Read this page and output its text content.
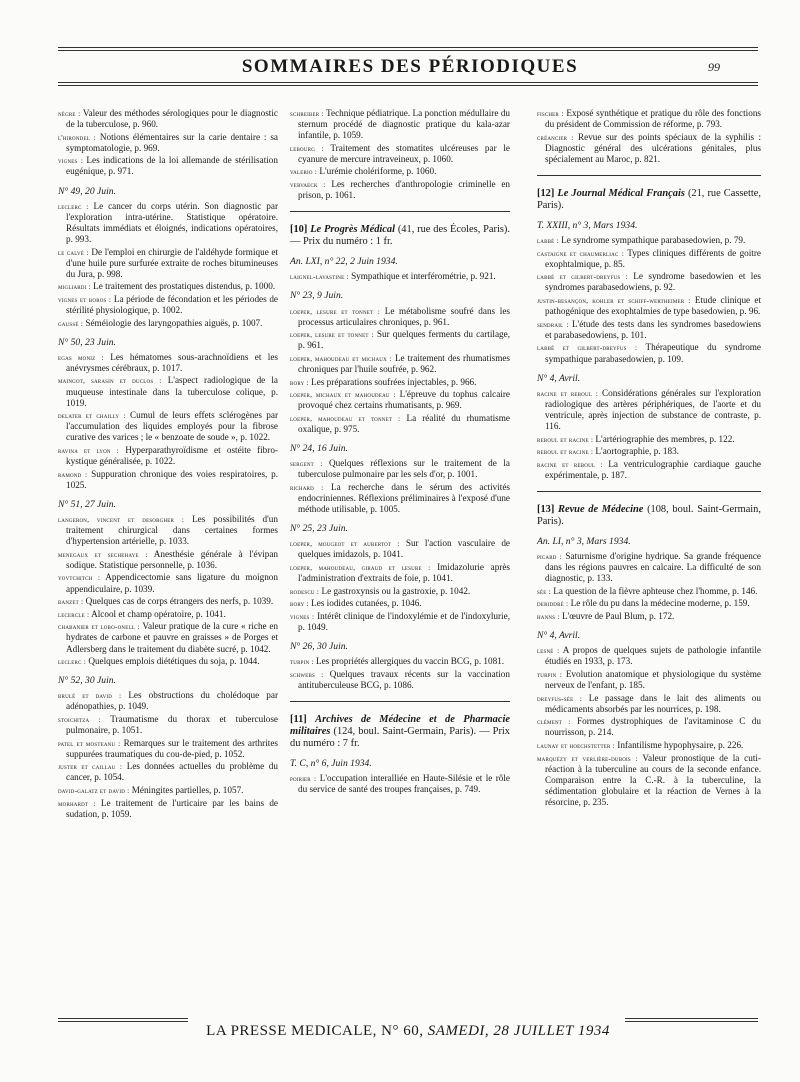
SOMMAIRES DES PÉRIODIQUES	99
nègre : Valeur des méthodes sérologiques pour le diagnostic de la tuberculose, p. 960.
l'hirondel : Notions élémentaires sur la carie dentaire : sa symptomatologie, p. 969.
vignes : Les indications de la loi allemande de stérilisation eugénique, p. 971.
N° 49, 20 Juin.
leclerc : Le cancer du corps utérin. Son diagnostic par l'exploration intra-utérine. Statistique opératoire. Résultats immédiats et éloignés, indications opératoires, p. 993.
le calvé : De l'emploi en chirurgie de l'aldéhyde formique et d'une huile pure surfurée extraite de roches bitumineuses du Jura, p. 998.
migliardi : Le traitement des prostatiques distendus, p. 1000.
vignes et boros : La période de fécondation et les périodes de stérilité physiologique, p. 1002.
gaussé : Séméiologie des laryngopathies aiguës, p. 1007.
N° 50, 23 Juin.
egas moniz : Les hématomes sous-arachnoïdiens et les anévrysmes cérébraux, p. 1017.
maingot, sarasin et duclos : L'aspect radiologique de la muqueuse intestinale dans la tuberculose colique, p. 1019.
delater et chailly : Cumul de leurs effets sclérogènes par l'accumulation des liquides employés pour la fibrose curative des varices ; le « benzoate de soude », p. 1022.
ravina et lyon : Hyperparathyroïdisme et ostéite fibro-kystique généralisée, p. 1022.
ramond : Suppuration chronique des voies respiratoires, p. 1025.
N° 51, 27 Juin.
langeron, vincent et desorgher : Les possibilités d'un traitement chirurgical dans certaines formes d'hypertension artérielle, p. 1033.
menegaux et sechehaye : Anesthésie générale à l'évipan sodique. Statistique personnelle, p. 1036.
yovtchitch : Appendicectomie sans ligature du moignon appendiculaire, p. 1039.
banzet : Quelques cas de corps étrangers des nerfs, p. 1039.
lecercle : Alcool et champ opératoire, p. 1041.
chabanier et lobo-onell : Valeur pratique de la cure « riche en hydrates de carbone et pauvre en graisses » de Porges et Adlersberg dans le traitement du diabète sucré, p. 1042.
leclerc : Quelques emplois diététiques du soja, p. 1044.
N° 52, 30 Juin.
brulé et david : Les obstructions du cholédoque par adénopathies, p. 1049.
stoichitza : Traumatisme du thorax et tuberculose pulmonaire, p. 1051.
patel et mosteanu : Remarques sur le traitement des arthrites suppurées traumatiques du cou-de-pied, p. 1052.
juster et caillau : Les données actuelles du problème du cancer, p. 1054.
david-galatz et david : Méningites partielles, p. 1057.
morhardt : Le traitement de l'urticaire par les bains de sudation, p. 1059.
schreiber : Technique pédiatrique. La ponction médullaire du sternum procédé de diagnostic pratique du kala-azar infantile, p. 1059.
lebourg : Traitement des stomatites ulcéreuses par le cyanure de mercure intraveineux, p. 1060.
valerio : L'urémie cholériforme, p. 1060.
vervaeck : Les recherches d'anthropologie criminelle en prison, p. 1061.
[10] Le Progrès Médical (41, rue des Écoles, Paris). — Prix du numéro : 1 fr.
An. LXI, n° 22, 2 Juin 1934.
laignel-lavastine : Sympathique et interférométrie, p. 921.
N° 23, 9 Juin.
loeper, lesure et tonnet : Le métabolisme soufré dans les processus articulaires chroniques, p. 961.
loeper, lesure et tonnet : Sur quelques ferments du cartilage, p. 961.
loeper, mahoudeau et michaux : Le traitement des rhumatismes chroniques par l'huile soufrée, p. 962.
bory : Les préparations soufrées injectables, p. 966.
loeper, michaux et mahoudeau : L'épreuve du tophus calcaire provoqué chez certains rhumatisants, p. 969.
loeper, mahoudeau et tonnet : La réalité du rhumatisme oxalique, p. 975.
N° 24, 16 Juin.
sergent : Quelques réflexions sur le traitement de la tuberculose pulmonaire par les sels d'or, p. 1001.
richard : La recherche dans le sérum des activités endocriniennes. Réflexions préliminaires à l'exposé d'une méthode utilisable, p. 1005.
N° 25, 23 Juin.
loeper, mougeot et aubertot : Sur l'action vasculaire de quelques imidazols, p. 1041.
loeper, mahoudeau, giraud et lesure : Imidazolurie après l'administration d'extraits de foie, p. 1041.
rodescu : Le gastroxynsis ou la gastroxie, p. 1042.
bory : Les iodides cutanées, p. 1046.
vignes : Intérêt clinique de l'indoxylémie et de l'indoxylurie, p. 1049.
N° 26, 30 Juin.
turpin : Les propriétés allergiques du vaccin BCG, p. 1081.
schwebs : Quelques travaux récents sur la vaccination antituberculeuse BCG, p. 1086.
[11] Archives de Médecine et de Pharmacie militaires (124, boul. Saint-Germain, Paris). — Prix du numéro : 7 fr.
T. C, n° 6, Juin 1934.
poirier : L'occupation interalliée en Haute-Silésie et le rôle du service de santé des troupes françaises, p. 749.
fischer : Exposé synthétique et pratique du rôle des fonctions du président de Commission de réforme, p. 793.
créancier : Revue sur des points spéciaux de la syphilis : Diagnostic général des ulcérations génitales, plus spécialement au Maroc, p. 821.
[12] Le Journal Médical Français (21, rue Cassette, Paris).
T. XXIII, n° 3, Mars 1934.
labbé : Le syndrome sympathique parabasedowien, p. 79.
castaigne et chaumerliac : Types cliniques différents de goitre exophtalmique, p. 85.
labbé et gilbert-dreyfus : Le syndrome basedowien et les syndromes parabasedowiens, p. 92.
justin-besançon, kohler et schiff-wertheimer : Etude clinique et pathogénique des exophtalmies de type basedowien, p. 96.
sendrail : L'étude des tests dans les syndromes basedowiens et parabasedowiens, p. 101.
labbé et gilbert-dreyfus : Thérapeutique du syndrome sympathique parabasedowien, p. 109.
N° 4, Avril.
racine et reboul : Considérations générales sur l'exploration radiologique des artères périphériques, de l'aorte et du ventricule, après injection de substance de contraste, p. 116.
reboul et racine : L'artériographie des membres, p. 122.
reboul et racine : L'aortographie, p. 183.
racine et reboul : La ventriculographie cardiaque gauche expérimentale, p. 187.
[13] Revue de Médecine (108, boul. Saint-Germain, Paris).
An. LI, n° 3, Mars 1934.
picard : Saturnisme d'origine hydrique. Sa grande fréquence dans les régions pauvres en calcaire. La difficulté de son diagnostic, p. 133.
sée : La question de la fièvre aphteuse chez l'homme, p. 146.
debiddré : Le rôle du pu dans la médecine moderne, p. 159.
hanns : L'œuvre de Paul Blum, p. 172.
N° 4, Avril.
lesné : A propos de quelques sujets de pathologie infantile étudiés en 1933, p. 173.
turpin : Evolution anatomique et physiologique du système nerveux de l'enfant, p. 185.
dreyfus-sée : Le passage dans le lait des aliments ou médicaments absorbés par les nourrices, p. 198.
clément : Formes dystrophiques de l'avitaminose C du nourrisson, p. 214.
launay et hoechstetter : Infantilisme hypophysaire, p. 226.
marquézy et verlière-dubois : Valeur pronostique de la cuti-réaction à la tuberculine au cours de la seconde enfance. Comparaison entre la C.-R. à la tuberculine, la sédimentation globulaire et la réaction de Vernes à la résorcine, p. 235.
LA PRESSE MEDICALE, N° 60, SAMEDI, 28 JUILLET 1934
